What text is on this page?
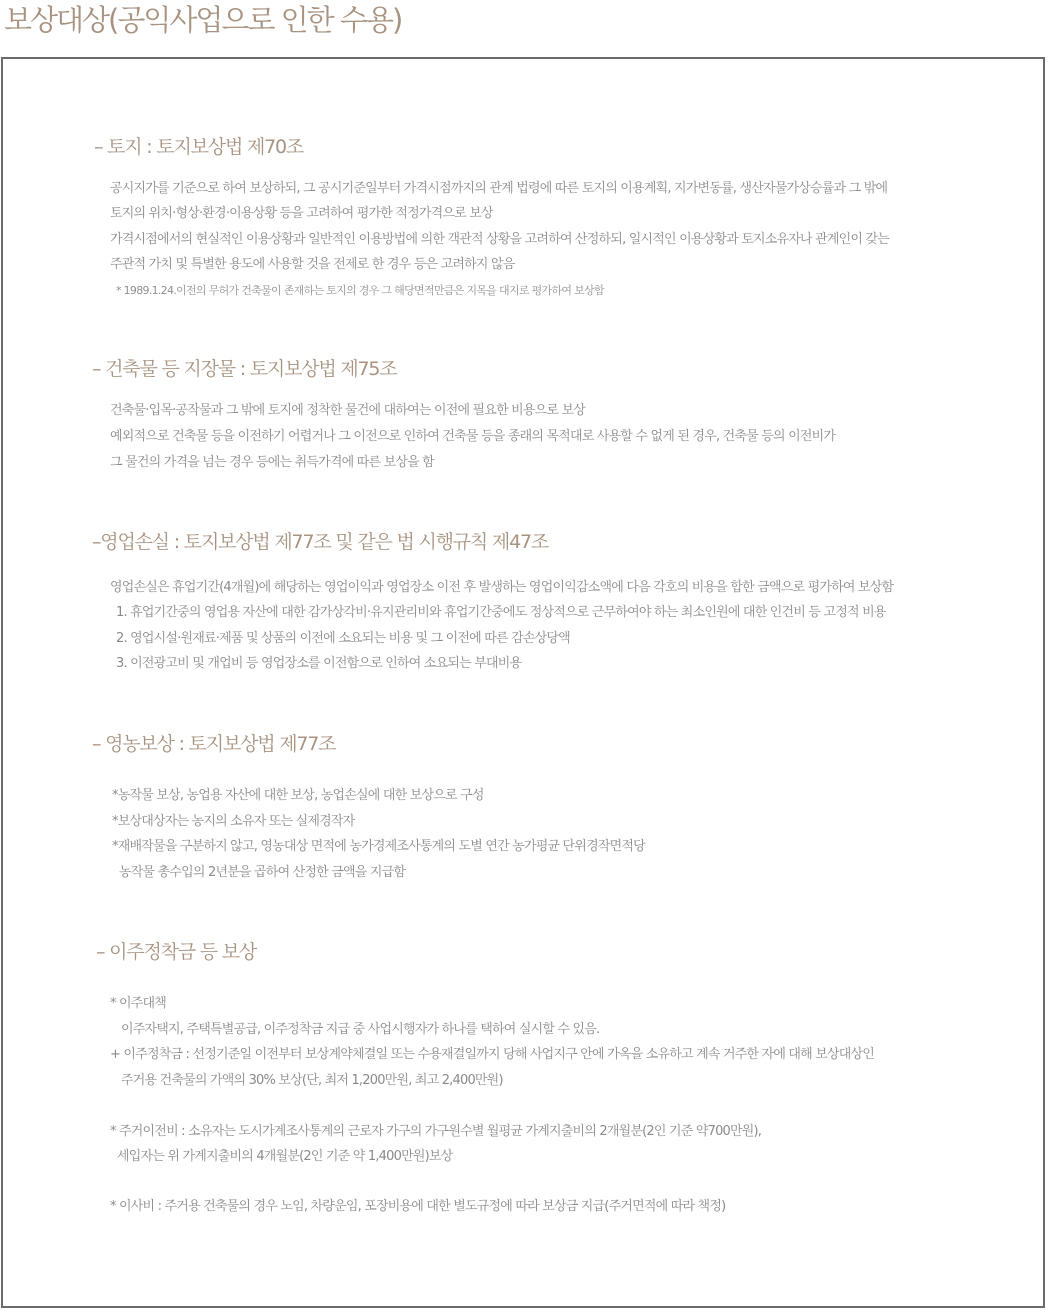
보상대상(공익사업으로 인한 수용)
– 토지 : 토지보상법 제70조

공시지가를 기준으로 하여 보상하되, 그 공시기준일부터 가격시점까지의 관계 법령에 따른 토지의 이용계획, 지가변동률, 생산자물가상승률과 그 밖에

토지의 위치·형상·환경·이용상황 등을 고려하여 평가한 적정가격으로 보상

가격시점에서의 현실적인 이용상황과 일반적인 이용방법에 의한 객관적 상황을 고려하여 산정하되, 일시적인 이용상황과 토지소유자나 관계인이 갖는

주관적 가치 및 특별한 용도에 사용할 것을 전제로 한 경우 등은 고려하지 않음

* 1989.1.24.이전의 무허가 건축물이 존재하는 토지의 경우 그 해당면적만큼은 지목을 대지로 평가하여 보상함

– 건축물 등 지장물 : 토지보상법 제75조

건축물·입목·공작물과 그 밖에 토지에 정착한 물건에 대하여는 이전에 필요한 비용으로 보상

예외적으로 건축물 등을 이전하기 어렵거나 그 이전으로 인하여 건축물 등을 종래의 목적대로 사용할 수 없게 된 경우, 건축물 등의 이전비가

그 물건의 가격을 넘는 경우 등에는 취득가격에 따른 보상을 함

–영업손실 : 토지보상법 제77조 및 같은 법 시행규칙 제47조

영업손실은 휴업기간(4개월)에 해당하는 영업이익과 영업장소 이전 후 발생하는 영업이익감소액에 다음 각호의 비용을 합한 금액으로 평가하여 보상함

1. 휴업기간중의 영업용 자산에 대한 감가상각비·유지관리비와 휴업기간중에도 정상적으로 근무하여야 하는 최소인원에 대한 인건비 등 고정적 비용

2. 영업시설·원재료·제품 및 상품의 이전에 소요되는 비용 및 그 이전에 따른 감손상당액

3. 이전광고비 및 개업비 등 영업장소를 이전함으로 인하여 소요되는 부대비용

– 영농보상 : 토지보상법 제77조

*농작물 보상, 농업용 자산에 대한 보상, 농업손실에 대한 보상으로 구성

*보상대상자는 농지의 소유자 또는 실제경작자

*재배작물을 구분하지 않고, 영농대상 면적에 농가경제조사통계의 도별 연간 농가평균 단위경작면적당

농작물 총수입의 2년분을 곱하여 산정한 금액을 지급함

– 이주정착금 등 보상

* 이주대책

이주자택지, 주택특별공급, 이주정착금 지급 중 사업시행자가 하나를 택하여 실시할 수 있음.

+ 이주정착금 : 선정기준일 이전부터 보상계약체결일 또는 수용재결일까지 당해 사업지구 안에 가옥을 소유하고 계속 거주한 자에 대해 보상대상인

주거용 건축물의 가액의 30% 보상(단, 최저 1,200만원, 최고 2,400만원)

* 주거이전비 : 소유자는 도시가계조사통계의 근로자 가구의 가구원수별 월평균 가계지출비의 2개월분(2인 기준 약700만원),

세입자는 위 가계지출비의 4개월분(2인 기준 약 1,400만원)보상

* 이사비 : 주거용 건축물의 경우 노임, 차량운임, 포장비용에 대한 별도규정에 따라 보상금 지급(주거면적에 따라 책정)
